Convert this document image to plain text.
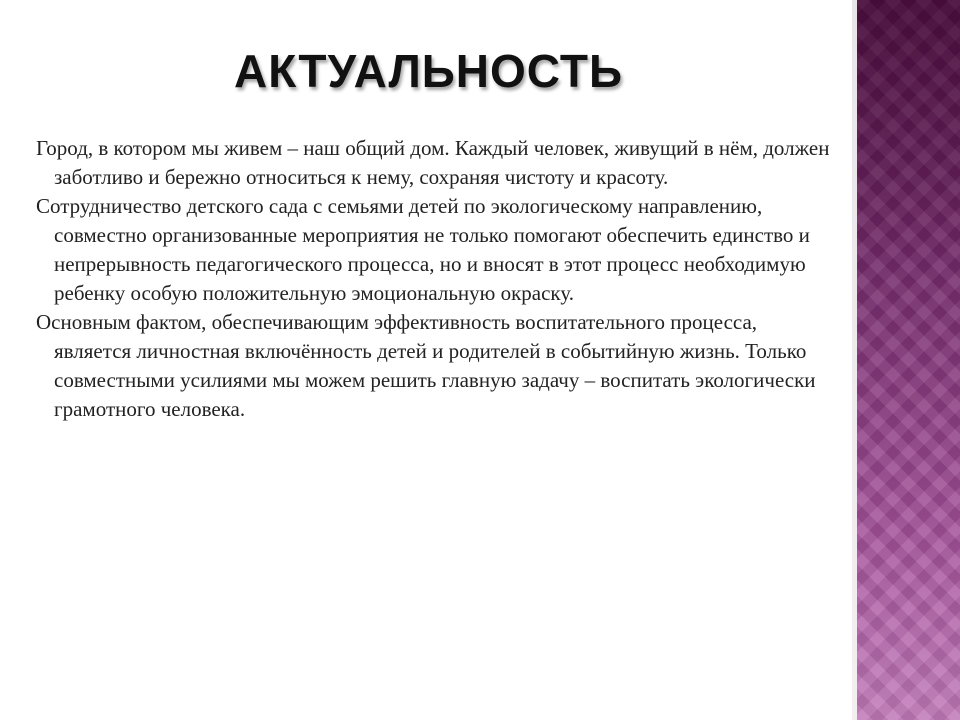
АКТУАЛЬНОСТЬ

Город, в котором мы живем – наш общий дом. Каждый человек, живущий в нём, должен заботливо и бережно относиться к нему, сохраняя чистоту и красоту.

Сотрудничество детского сада с семьями детей по экологическому направлению, совместно организованные мероприятия не только помогают обеспечить единство и непрерывность педагогического процесса, но и вносят в этот процесс необходимую ребенку особую положительную эмоциональную окраску.

Основным фактом, обеспечивающим эффективность воспитательного процесса, является личностная включённость детей и родителей в событийную жизнь. Только совместными усилиями мы можем решить главную задачу – воспитать экологически грамотного человека.
